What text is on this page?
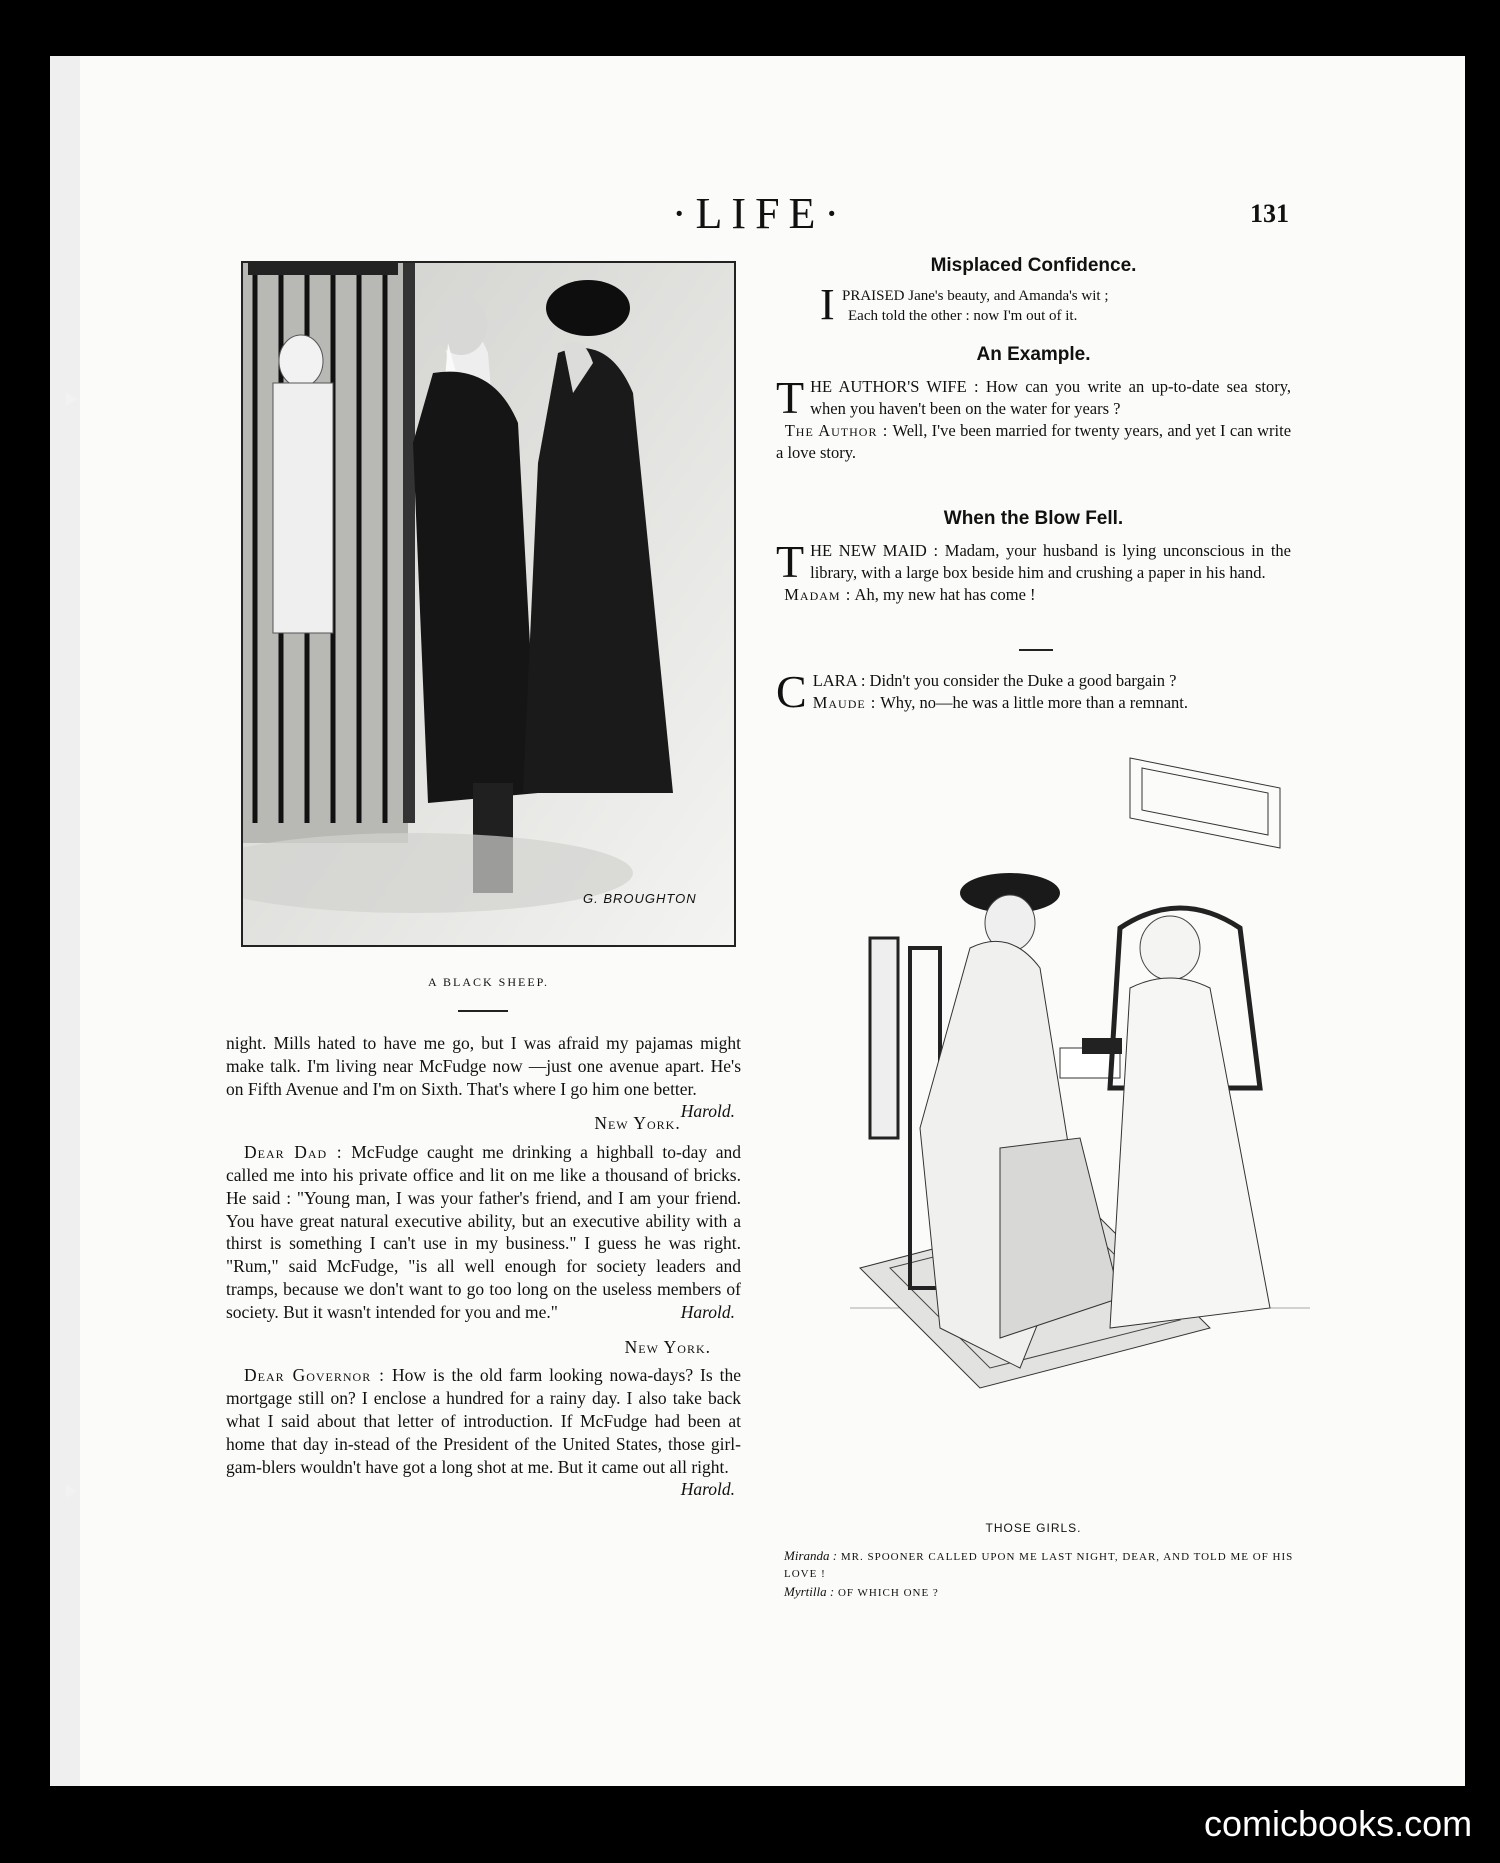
·LIFE·	131
G. BROUGHTON
A BLACK SHEEP.

night. Mills hated to have me go, but I was afraid my pajamas might make talk. I'm living near McFudge now —just one avenue apart. He's on Fifth Avenue and I'm on Sixth. That's where I go him one better.
Harold.

New York.

Dear Dad : McFudge caught me drinking a highball to-day and called me into his private office and lit on me like a thousand of bricks. He said : "Young man, I was your father's friend, and I am your friend. You have great natural executive ability, but an executive ability with a thirst is something I can't use in my business." I guess he was right. "Rum," said McFudge, "is all well enough for society leaders and tramps, because we don't want to go too long on the useless members of society. But it wasn't intended for you and me."	Harold.

New York.

Dear Governor : How is the old farm looking nowa-days? Is the mortgage still on? I enclose a hundred for a rainy day. I also take back what I said about that letter of introduction. If McFudge had been at home that day in-stead of the President of the United States, those girl-gam-blers wouldn't have got a long shot at me. But it came out all right.
Harold.

Misplaced Confidence.
I PRAISED Jane's beauty, and Amanda's wit ;
Each told the other : now I'm out of it.
An Example.
T HE AUTHOR'S WIFE : How can you write an up-to-date sea story, when you haven't been on the water for years ?
The Author : Well, I've been married for twenty years, and yet I can write a love story.
When the Blow Fell.
T HE NEW MAID : Madam, your husband is lying unconscious in the library, with a large box beside him and crushing a paper in his hand.
Madam : Ah, my new hat has come !
C LARA : Didn't you consider the Duke a good bargain ?
Maude : Why, no—he was a little more than a remnant.
THOSE GIRLS.
Miranda : MR. SPOONER CALLED UPON ME LAST NIGHT, DEAR, AND TOLD ME OF HIS LOVE !
Myrtilla : OF WHICH ONE ?
comicbooks.com
